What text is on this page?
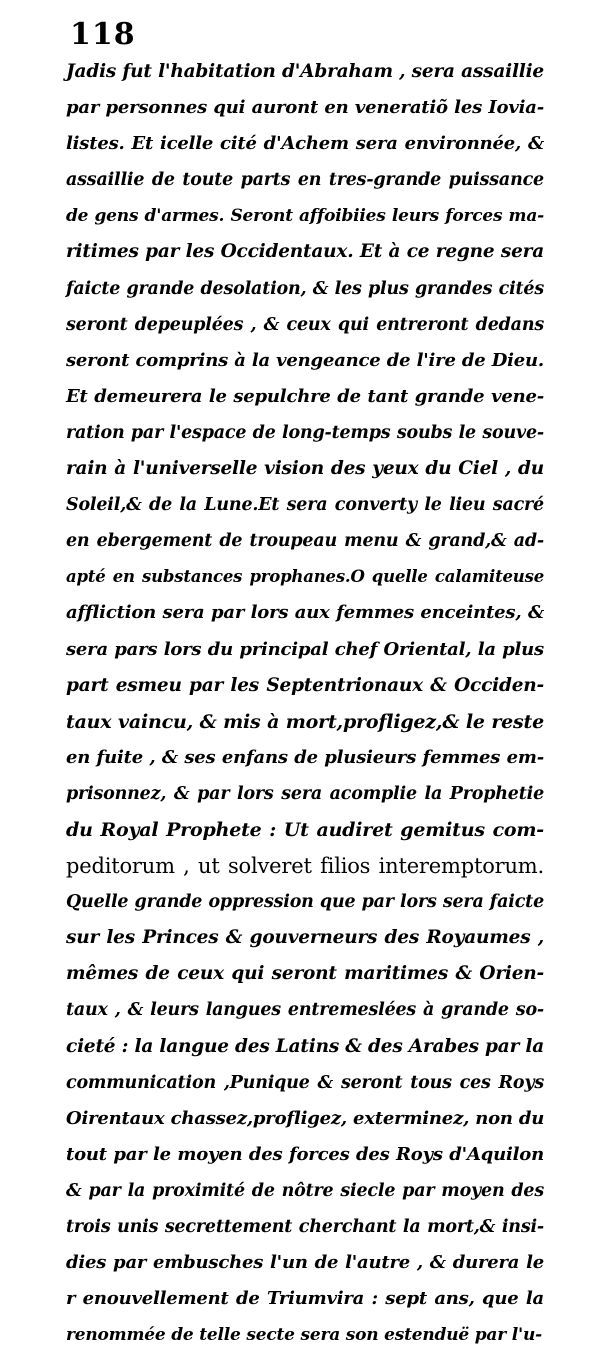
118
Jadis fut l'habitation d'Abraham , sera assaillie
par personnes qui auront en veneratiõ les Iovia-
listes. Et icelle cité d'Achem sera environnée, &
assaillie de toute parts en tres-grande puissance
de gens d'armes. Seront affoibiies leurs forces ma-
ritimes par les Occidentaux. Et à ce regne sera
faicte grande desolation, & les plus grandes cités
seront depeuplées , & ceux qui entreront dedans
seront comprins à la vengeance de l'ire de Dieu.
Et demeurera le sepulchre de tant grande vene-
ration par l'espace de long-temps soubs le souve-
rain à l'universelle vision des yeux du Ciel , du
Soleil,& de la Lune.Et sera converty le lieu sacré
en ebergement de troupeau menu & grand,& ad-
apté en substances prophanes.O quelle calamiteuse
affliction sera par lors aux femmes enceintes, &
sera pars lors du principal chef Oriental, la plus
part esmeu par les Septentrionaux & Occiden-
taux vaincu, & mis à mort,profligez,& le reste
en fuite , & ses enfans de plusieurs femmes em-
prisonnez, & par lors sera acomplie la Prophetie
du Royal Prophete : Ut audiret gemitus com-
peditorum , ut solveret filios interemptorum.
Quelle grande oppression que par lors sera faicte
sur les Princes & gouverneurs des Royaumes ,
mêmes de ceux qui seront maritimes & Orien-
taux , & leurs langues entremeslées à grande so-
cieté : la langue des Latins & des Arabes par la
communication ,Punique & seront tous ces Roys
Oirentaux chassez,profligez, exterminez, non du
tout par le moyen des forces des Roys d'Aquilon
& par la proximité de nôtre siecle par moyen des
trois unis secrettement cherchant la mort,& insi-
dies par embusches l'un de l'autre , & durera le
r enouvellement de Triumvira : sept ans, que la
renommée de telle secte sera son estenduë par l'u-
